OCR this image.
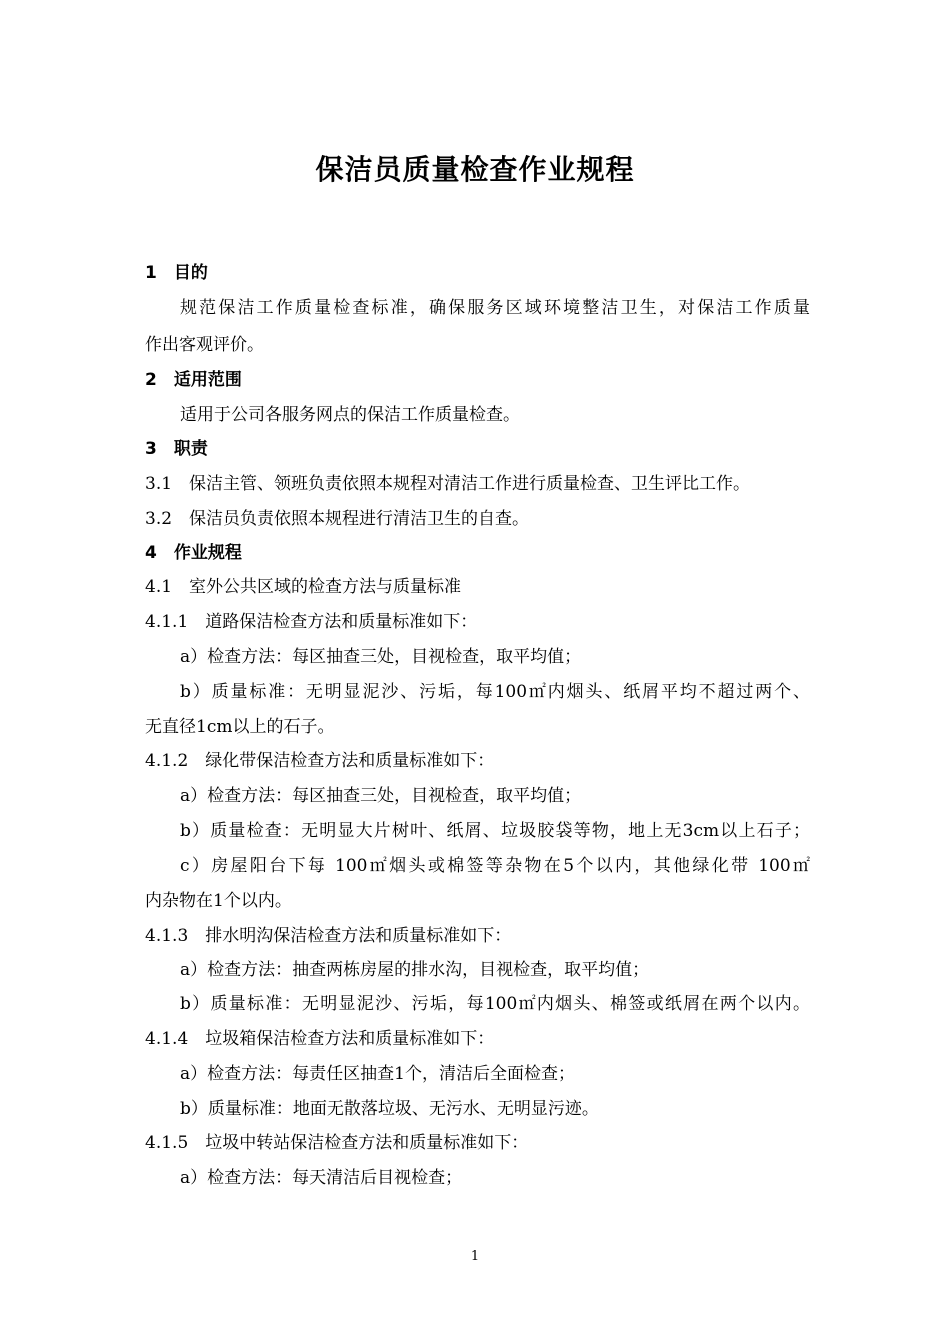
保洁员质量检查作业规程
1　目的
规范保洁工作质量检查标准，确保服务区域环境整洁卫生，对保洁工作质量
作出客观评价。
2　适用范围
适用于公司各服务网点的保洁工作质量检查。
3　职责
3.1　保洁主管、领班负责依照本规程对清洁工作进行质量检查、卫生评比工作。
3.2　保洁员负责依照本规程进行清洁卫生的自查。
4　作业规程
4.1　室外公共区域的检查方法与质量标准
4.1.1　道路保洁检查方法和质量标准如下：
a）检查方法：每区抽查三处，目视检查，取平均值；
b）质量标准：无明显泥沙、污垢，每100㎡内烟头、纸屑平均不超过两个、
无直径1cm以上的石子。
4.1.2　绿化带保洁检查方法和质量标准如下：
a）检查方法：每区抽查三处，目视检查，取平均值；
b）质量检查：无明显大片树叶、纸屑、垃圾胶袋等物，地上无3cm以上石子；
c）房屋阳台下每 100㎡烟头或棉签等杂物在5个以内，其他绿化带 100㎡
内杂物在1个以内。
4.1.3　排水明沟保洁检查方法和质量标准如下：
a）检查方法：抽查两栋房屋的排水沟，目视检查，取平均值；
b）质量标准：无明显泥沙、污垢，每100㎡内烟头、棉签或纸屑在两个以内。
4.1.4　垃圾箱保洁检查方法和质量标准如下：
a）检查方法：每责任区抽查1个，清洁后全面检查；
b）质量标准：地面无散落垃圾、无污水、无明显污迹。
4.1.5　垃圾中转站保洁检查方法和质量标准如下：
a）检查方法：每天清洁后目视检查；
1
